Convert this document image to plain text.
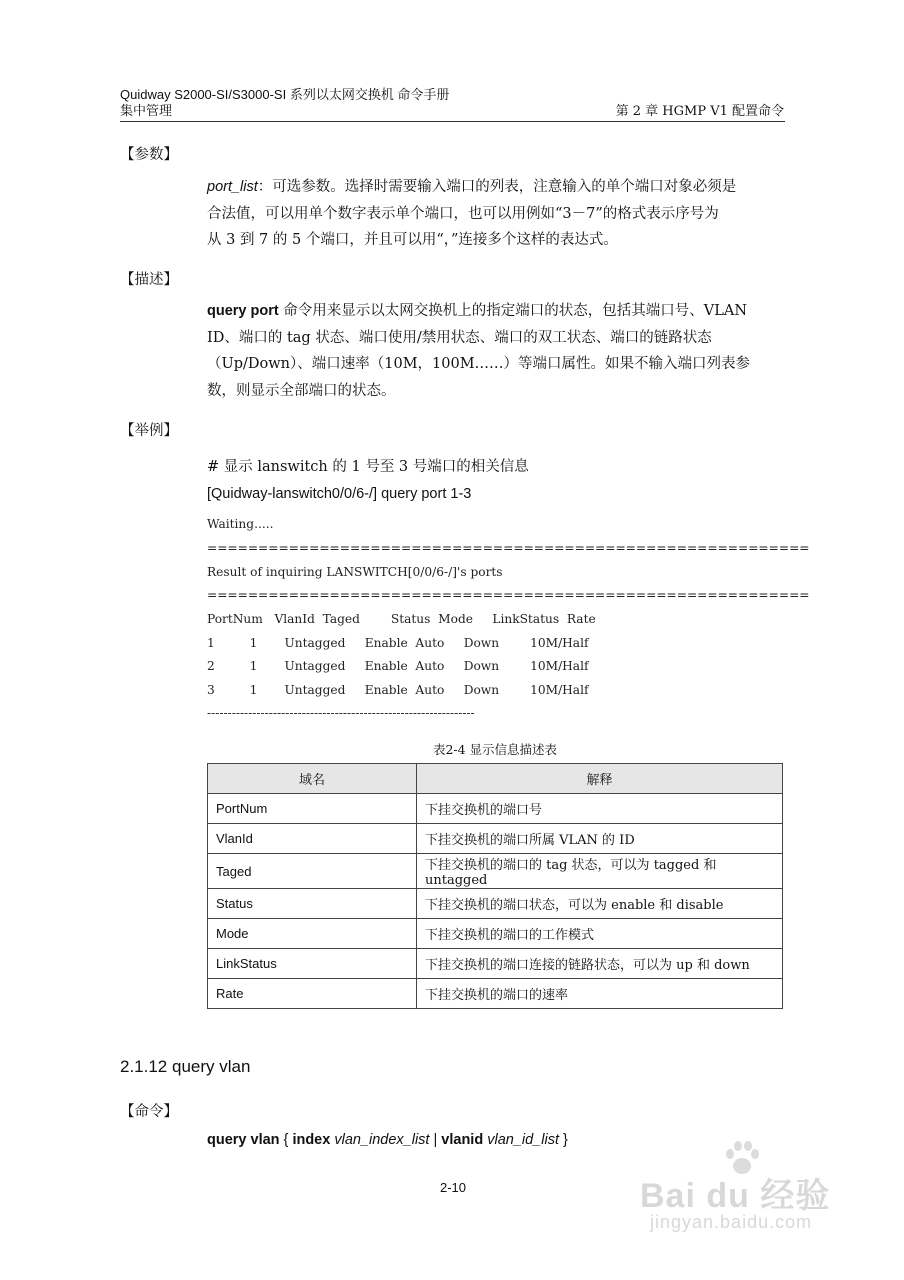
Quidway S2000-SI/S3000-SI 系列以太网交换机 命令手册
集中管理	第 2 章 HGMP V1 配置命令
【参数】
port_list：可选参数。选择时需要输入端口的列表，注意输入的单个端口对象必须是
合法值，可以用单个数字表示单个端口，也可以用例如“3－7”的格式表示序号为
从 3 到 7 的 5 个端口，并且可以用“，”连接多个这样的表达式。
【描述】
query port 命令用来显示以太网交换机上的指定端口的状态，包括其端口号、VLAN
ID、端口的 tag 状态、端口使用/禁用状态、端口的双工状态、端口的链路状态
（Up/Down）、端口速率（10M，100M……）等端口属性。如果不输入端口列表参
数，则显示全部端口的状态。
【举例】
# 显示 lanswitch 的 1 号至 3 号端口的相关信息
[Quidway-lanswitch0/0/6-/] query port 1-3
Waiting.....
===========================================================
Result of inquiring LANSWITCH[0/0/6-/]'s ports
===========================================================
PortNum   VlanId  Taged        Status  Mode     LinkStatus  Rate
1         1       Untagged     Enable  Auto     Down        10M/Half
2         1       Untagged     Enable  Auto     Down        10M/Half
3         1       Untagged     Enable  Auto     Down        10M/Half
-----------------------------------------------------------------
表2-4 显示信息描述表
域名	解释
PortNum	下挂交换机的端口号
VlanId	下挂交换机的端口所属 VLAN 的 ID
Taged	下挂交换机的端口的 tag 状态，可以为 tagged 和 untagged
Status	下挂交换机的端口状态，可以为 enable 和 disable
Mode	下挂交换机的端口的工作模式
LinkStatus	下挂交换机的端口连接的链路状态，可以为 up 和 down
Rate	下挂交换机的端口的速率
2.1.12 query vlan
【命令】
query vlan { index vlan_index_list | vlanid vlan_id_list }
2-10	Bai du 经验
jingyan.baidu.com
